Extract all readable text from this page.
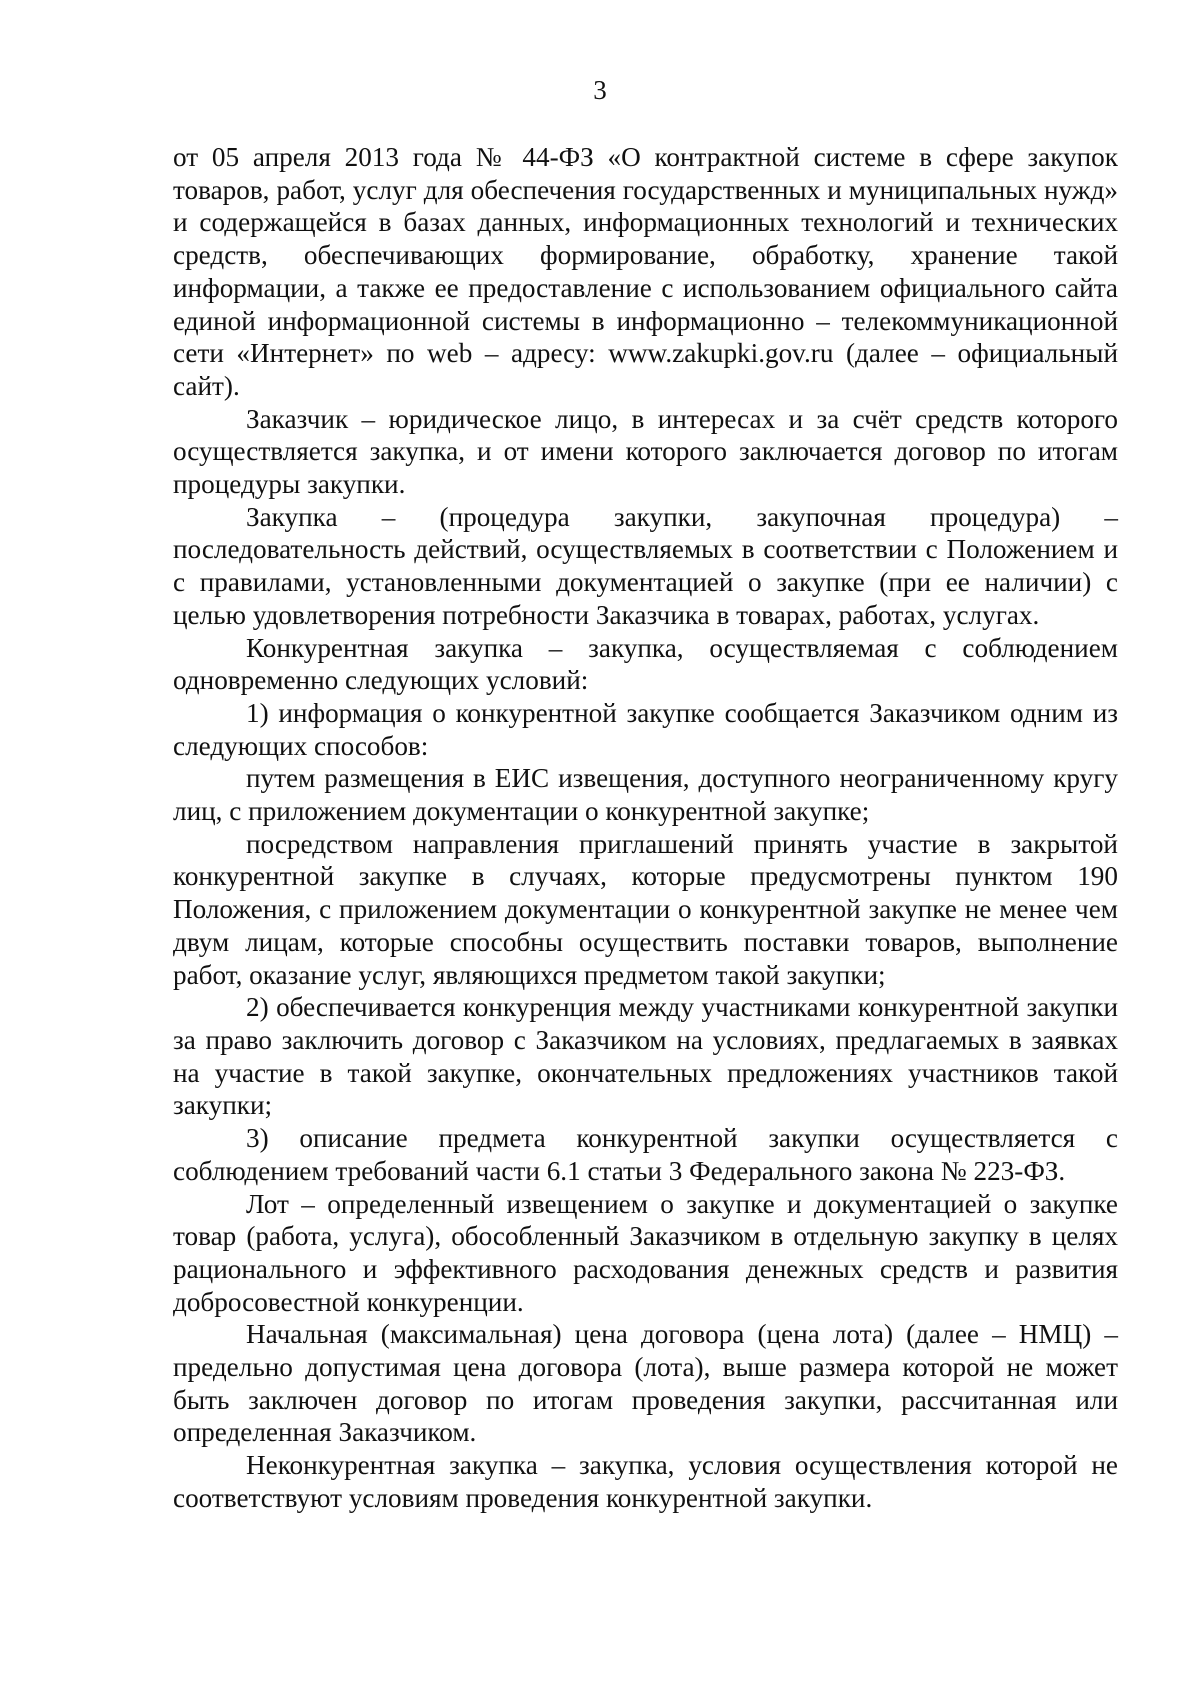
3

от 05 апреля 2013 года № 44-ФЗ «О контрактной системе в сфере закупок товаров, работ, услуг для обеспечения государственных и муниципальных нужд» и содержащейся в базах данных, информационных технологий и технических средств, обеспечивающих формирование, обработку, хранение такой информации, а также ее предоставление с использованием официального сайта единой информационной системы в информационно – телекоммуникационной сети «Интернет» по web – адресу: www.zakupki.gov.ru (далее – официальный сайт).

Заказчик – юридическое лицо, в интересах и за счёт средств которого осуществляется закупка, и от имени которого заключается договор по итогам процедуры закупки.

Закупка – (процедура закупки, закупочная процедура) – последовательность действий, осуществляемых в соответствии с Положением и с правилами, установленными документацией о закупке (при ее наличии) с целью удовлетворения потребности Заказчика в товарах, работах, услугах.

Конкурентная закупка – закупка, осуществляемая с соблюдением одновременно следующих условий:

1) информация о конкурентной закупке сообщается Заказчиком одним из следующих способов:

путем размещения в ЕИС извещения, доступного неограниченному кругу лиц, с приложением документации о конкурентной закупке;

посредством направления приглашений принять участие в закрытой конкурентной закупке в случаях, которые предусмотрены пунктом 190 Положения, с приложением документации о конкурентной закупке не менее чем двум лицам, которые способны осуществить поставки товаров, выполнение работ, оказание услуг, являющихся предметом такой закупки;

2) обеспечивается конкуренция между участниками конкурентной закупки за право заключить договор с Заказчиком на условиях, предлагаемых в заявках на участие в такой закупке, окончательных предложениях участников такой закупки;

3) описание предмета конкурентной закупки осуществляется с соблюдением требований части 6.1 статьи 3 Федерального закона № 223-ФЗ.

Лот – определенный извещением о закупке и документацией о закупке товар (работа, услуга), обособленный Заказчиком в отдельную закупку в целях рационального и эффективного расходования денежных средств и развития добросовестной конкуренции.

Начальная (максимальная) цена договора (цена лота) (далее – НМЦ) – предельно допустимая цена договора (лота), выше размера которой не может быть заключен договор по итогам проведения закупки, рассчитанная или определенная Заказчиком.

Неконкурентная закупка – закупка, условия осуществления которой не соответствуют условиям проведения конкурентной закупки.
